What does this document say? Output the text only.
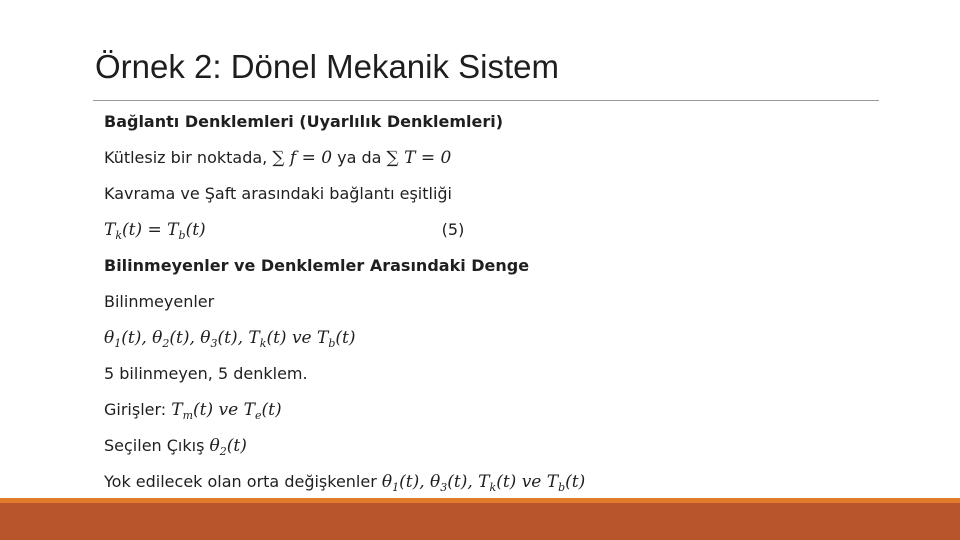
Örnek 2: Dönel Mekanik Sistem
Bağlantı Denklemleri (Uyarlılık Denklemleri)
Kütlesiz bir noktada, ∑ f = 0 ya da ∑ T = 0
Kavrama ve Şaft arasındaki bağlantı eşitliği
$T_k(t) = T_b(t)$	(5)
Bilinmeyenler ve Denklemler Arasındaki Denge
Bilinmeyenler
$\theta_1(t)$, $\theta_2(t)$, $\theta_3(t)$, $T_k(t)$ ve $T_b(t)$
5 bilinmeyen, 5 denklem.
Girişler: $T_m(t)$ ve $T_e(t)$
Seçilen Çıkış $\theta_2(t)$
Yok edilecek olan orta değişkenler $\theta_1(t)$, $\theta_3(t)$, $T_k(t)$ ve $T_b(t)$
